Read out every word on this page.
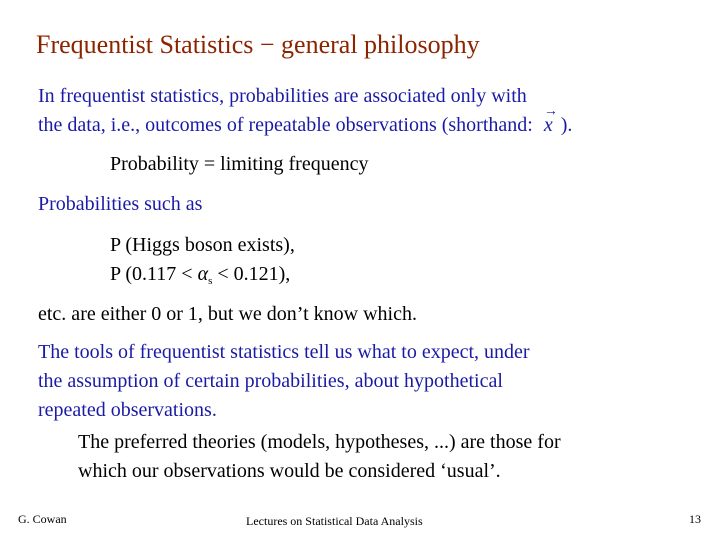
Frequentist Statistics − general philosophy
In frequentist statistics, probabilities are associated only with
the data, i.e., outcomes of repeatable observations (shorthand:
→
x ).
Probability = limiting frequency
Probabilities such as
P (Higgs boson exists),
P $(0.117 < \alpha_s < 0.121)$,
etc. are either 0 or 1, but we don’t know which.
The tools of frequentist statistics tell us what to expect, under
the assumption of certain probabilities, about hypothetical
repeated observations.
The preferred theories (models, hypotheses, ...) are those for
which our observations would be considered ‘usual’.
G. Cowan	Lectures on Statistical Data Analysis	13
